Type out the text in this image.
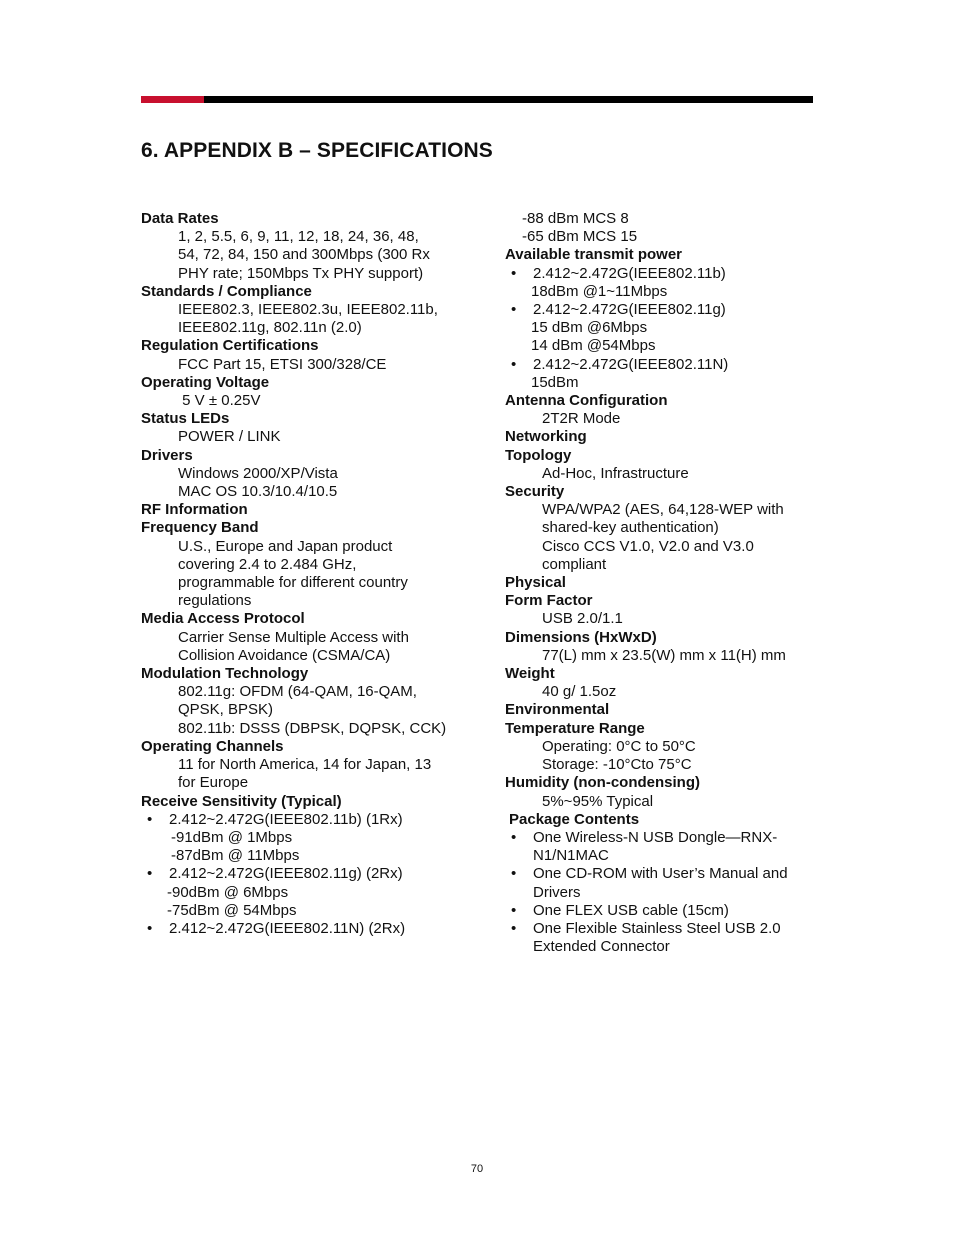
6. APPENDIX B – SPECIFICATIONS
Data Rates
1, 2, 5.5, 6, 9, 11, 12, 18, 24, 36, 48,
54, 72, 84, 150 and 300Mbps (300 Rx
PHY rate; 150Mbps Tx PHY support)
Standards / Compliance
IEEE802.3, IEEE802.3u, IEEE802.11b,
IEEE802.11g, 802.11n (2.0)
Regulation Certifications
FCC Part 15, ETSI 300/328/CE
Operating Voltage
5 V ± 0.25V
Status LEDs
POWER / LINK
Drivers
Windows 2000/XP/Vista
MAC OS 10.3/10.4/10.5
RF Information
Frequency Band
U.S., Europe and Japan product
covering 2.4 to 2.484 GHz,
programmable for different country
regulations
Media Access Protocol
Carrier Sense Multiple Access with
Collision Avoidance (CSMA/CA)
Modulation Technology
802.11g: OFDM (64-QAM, 16-QAM,
QPSK, BPSK)
802.11b: DSSS (DBPSK, DQPSK, CCK)
Operating Channels
11 for North America, 14 for Japan, 13
for Europe
Receive Sensitivity (Typical)
• 2.412~2.472G(IEEE802.11b) (1Rx)
-91dBm @ 1Mbps
-87dBm @ 11Mbps
• 2.412~2.472G(IEEE802.11g) (2Rx)
-90dBm @ 6Mbps
-75dBm @ 54Mbps
• 2.412~2.472G(IEEE802.11N) (2Rx)
-88 dBm MCS 8
-65 dBm MCS 15
Available transmit power
• 2.412~2.472G(IEEE802.11b)
18dBm @1~11Mbps
• 2.412~2.472G(IEEE802.11g)
15 dBm @6Mbps
14 dBm @54Mbps
• 2.412~2.472G(IEEE802.11N)
15dBm
Antenna Configuration
2T2R Mode
Networking
Topology
Ad-Hoc, Infrastructure
Security
WPA/WPA2 (AES, 64,128-WEP with
shared-key authentication)
Cisco CCS V1.0, V2.0 and V3.0
compliant
Physical
Form Factor
USB 2.0/1.1
Dimensions (HxWxD)
77(L) mm x 23.5(W) mm x 11(H) mm
Weight
40 g/ 1.5oz
Environmental
Temperature Range
Operating: 0°C to 50°C
Storage: -10°Cto 75°C
Humidity (non-condensing)
5%~95% Typical
Package Contents
• One Wireless-N USB Dongle—RNX-
N1/N1MAC
• One CD-ROM with User’s Manual and
Drivers
• One FLEX USB cable (15cm)
• One Flexible Stainless Steel USB 2.0
Extended Connector
70
